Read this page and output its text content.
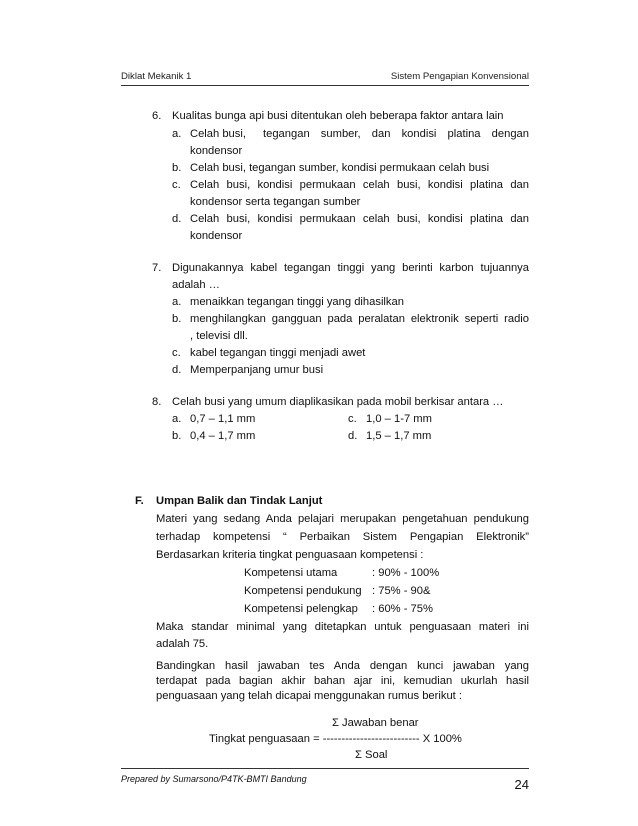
Diklat Mekanik 1	Sistem Pengapian Konvensional
6. Kualitas bunga api busi ditentukan oleh beberapa faktor antara lain
a. Celah busi, tegangan sumber, dan kondisi platina dengan
kondensor
b. Celah busi, tegangan sumber, kondisi permukaan celah busi
c. Celah busi, kondisi permukaan celah busi, kondisi platina dan
kondensor serta tegangan sumber
d. Celah busi, kondisi permukaan celah busi, kondisi platina dan
kondensor
7. Digunakannya kabel tegangan tinggi yang berinti karbon tujuannya
adalah …
a. menaikkan tegangan tinggi yang dihasilkan
b. menghilangkan gangguan pada peralatan elektronik seperti radio
, televisi dll.
c. kabel tegangan tinggi menjadi awet
d. Memperpanjang umur busi
8. Celah busi yang umum diaplikasikan pada mobil berkisar antara …
a. 0,7 – 1,1 mm	c. 1,0 – 1-7 mm
b. 0,4 – 1,7 mm	d. 1,5 – 1,7 mm
F. Umpan Balik dan Tindak Lanjut
Materi yang sedang Anda pelajari merupakan pengetahuan pendukung
terhadap kompetensi “ Perbaikan Sistem Pengapian Elektronik”
Berdasarkan kriteria tingkat penguasaan kompetensi :
Kompetensi utama	: 90% - 100%
Kompetensi pendukung : 75% - 90&
Kompetensi pelengkap : 60% - 75%
Maka standar minimal yang ditetapkan untuk penguasaan materi ini
adalah 75.
Bandingkan hasil jawaban tes Anda dengan kunci jawaban yang
terdapat pada bagian akhir bahan ajar ini, kemudian ukurlah hasil
penguasaan yang telah dicapai menggunakan rumus berikut :
Σ Jawaban benar
Tingkat penguasaan = -------------------------- X 100%
Σ Soal
Prepared by Sumarsono/P4TK-BMTI Bandung	24
